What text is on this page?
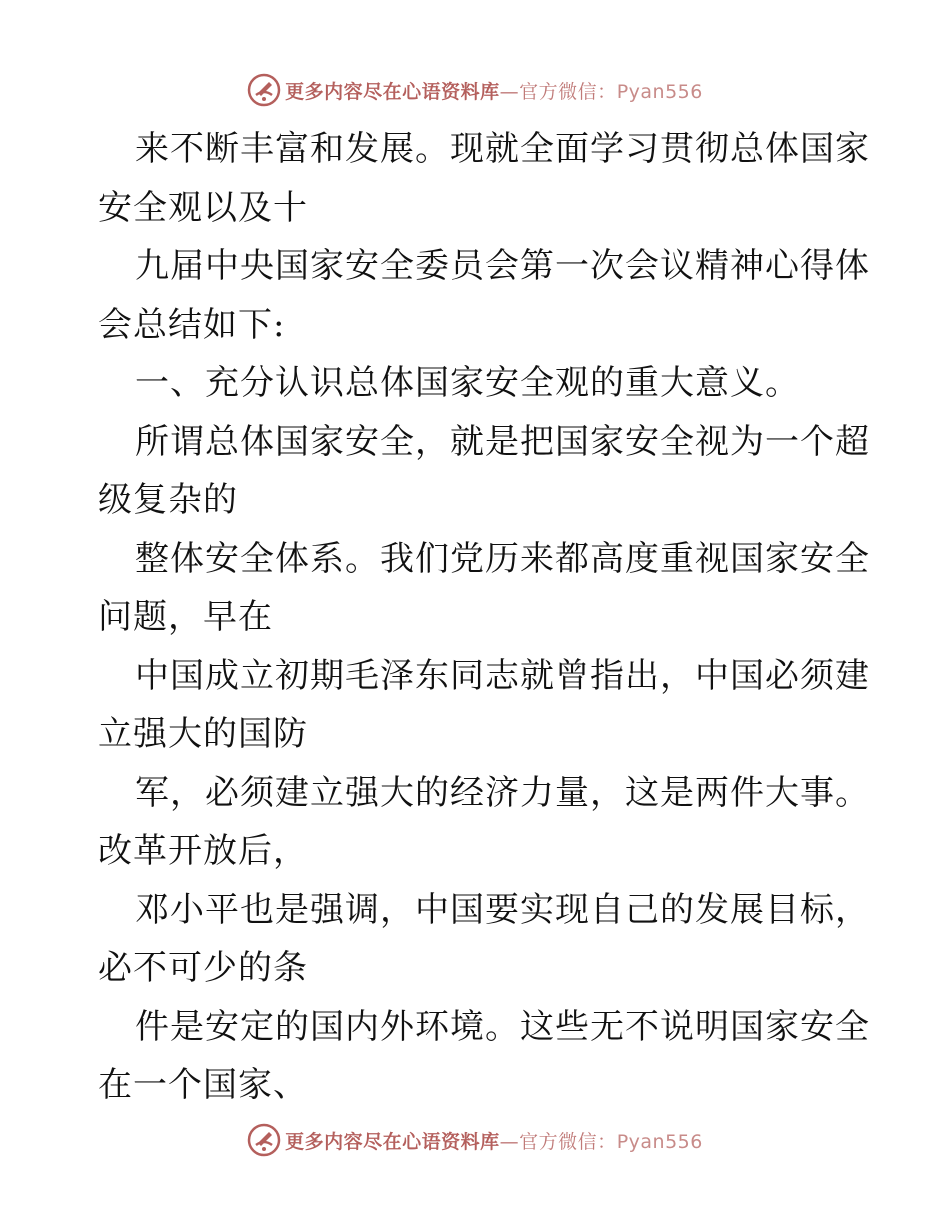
更多内容尽在心语资料库—官方微信：Pyan556
来不断丰富和发展。现就全面学习贯彻总体国家
安全观以及十
九届中央国家安全委员会第一次会议精神心得体
会总结如下:
一、充分认识总体国家安全观的重大意义。
所谓总体国家安全，就是把国家安全视为一个超
级复杂的
整体安全体系。我们党历来都高度重视国家安全
问题，早在
中国成立初期毛泽东同志就曾指出，中国必须建
立强大的国防
军，必须建立强大的经济力量，这是两件大事。
改革开放后，
邓小平也是强调，中国要实现自己的发展目标，
必不可少的条
件是安定的国内外环境。这些无不说明国家安全
在一个国家、
更多内容尽在心语资料库—官方微信：Pyan556
